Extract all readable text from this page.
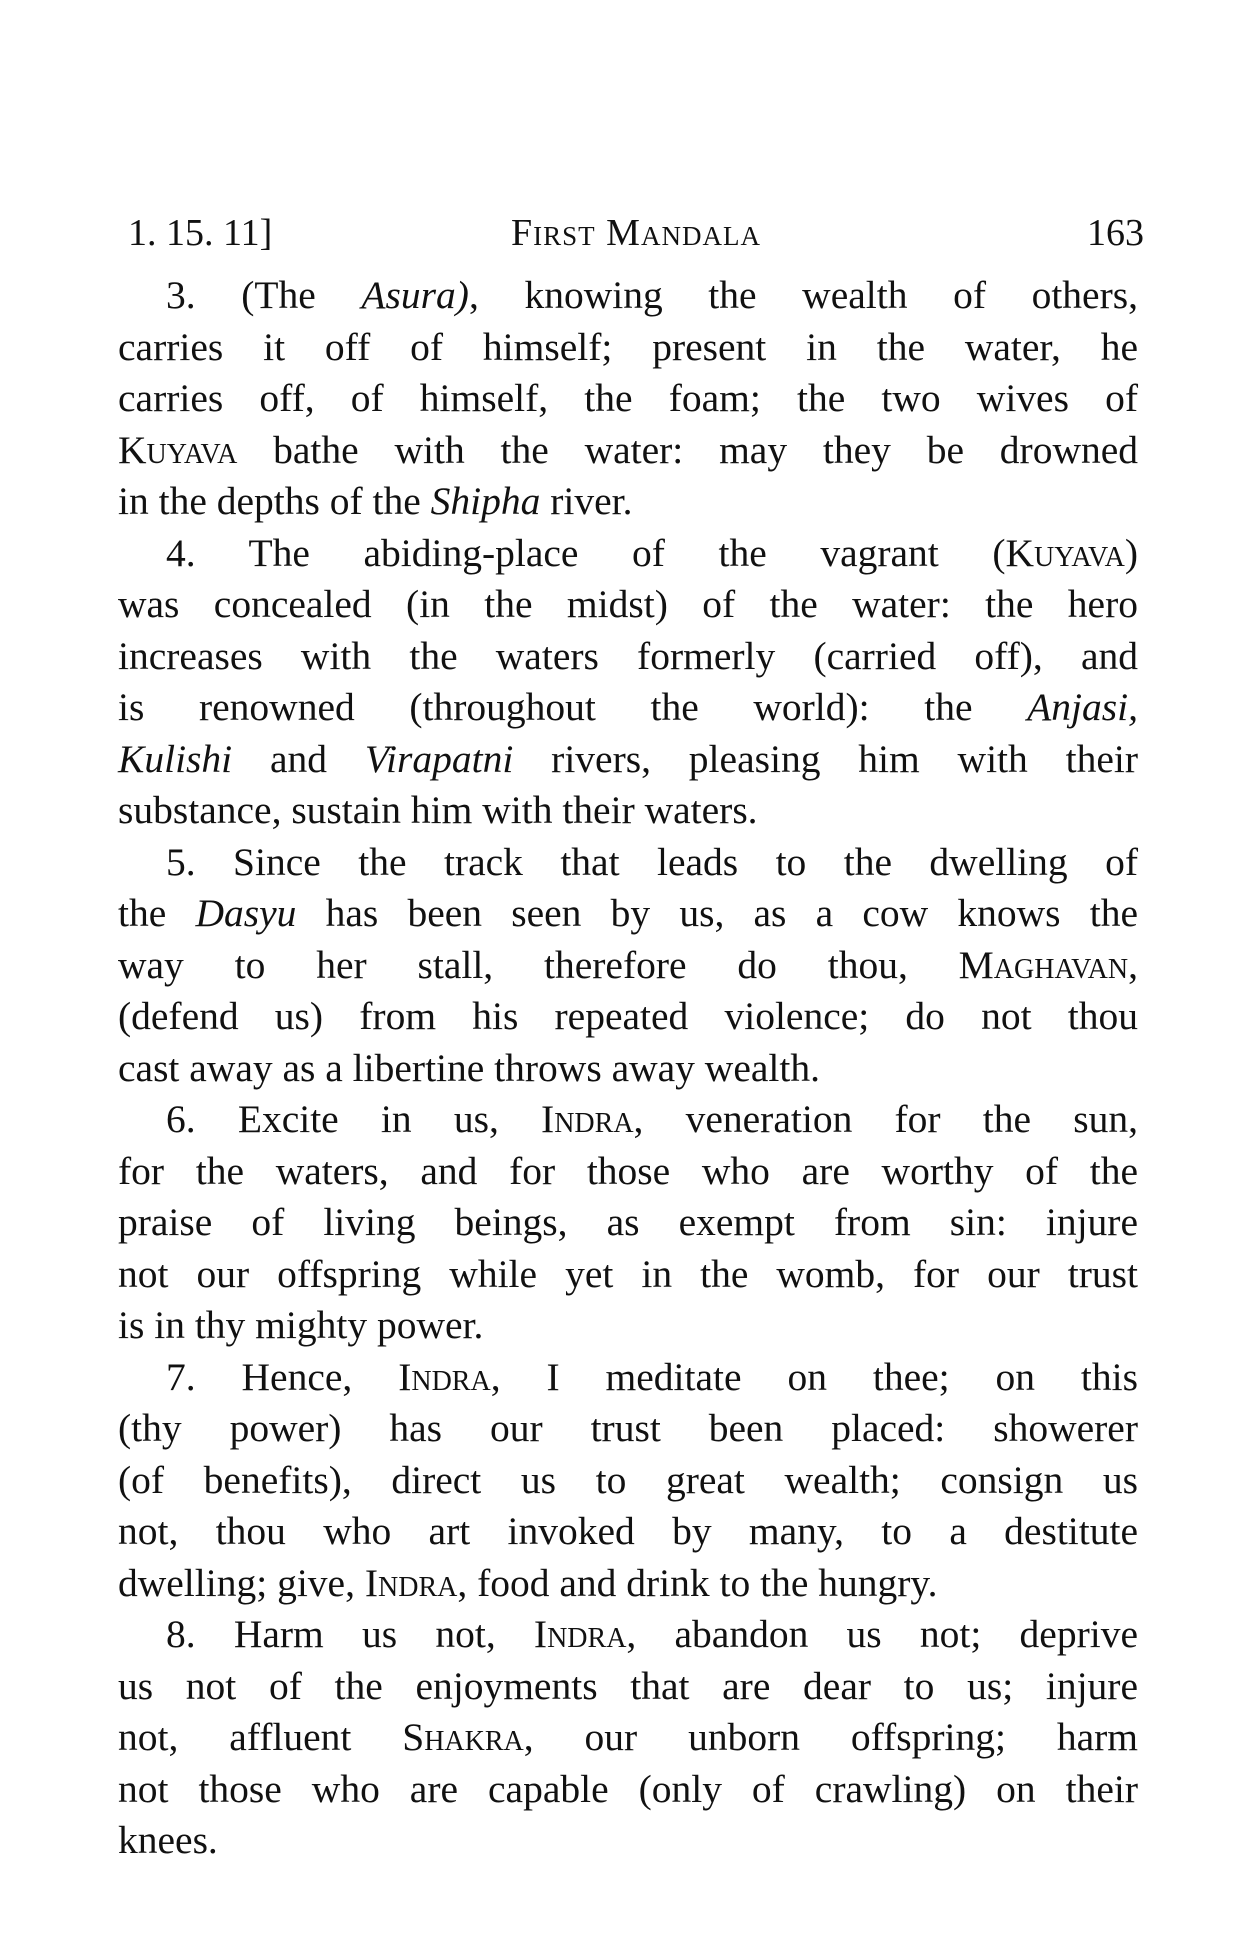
1. 15. 11]	First Mandala	163
3. (The Asura), knowing the wealth of others,
carries it off of himself; present in the water, he
carries off, of himself, the foam; the two wives of
Kuyava bathe with the water: may they be drowned
in the depths of the Shipha river.
4. The abiding-place of the vagrant (Kuyava)
was concealed (in the midst) of the water: the hero
increases with the waters formerly (carried off), and
is renowned (throughout the world): the Anjasi,
Kulishi and Virapatni rivers, pleasing him with their
substance, sustain him with their waters.
5. Since the track that leads to the dwelling of
the Dasyu has been seen by us, as a cow knows the
way to her stall, therefore do thou, Maghavan,
(defend us) from his repeated violence; do not thou
cast away as a libertine throws away wealth.
6. Excite in us, Indra, veneration for the sun,
for the waters, and for those who are worthy of the
praise of living beings, as exempt from sin: injure
not our offspring while yet in the womb, for our trust
is in thy mighty power.
7. Hence, Indra, I meditate on thee; on this
(thy power) has our trust been placed: showerer
(of benefits), direct us to great wealth; consign us
not, thou who art invoked by many, to a destitute
dwelling; give, Indra, food and drink to the hungry.
8. Harm us not, Indra, abandon us not; deprive
us not of the enjoyments that are dear to us; injure
not, affluent Shakra, our unborn offspring; harm
not those who are capable (only of crawling) on their
knees.
